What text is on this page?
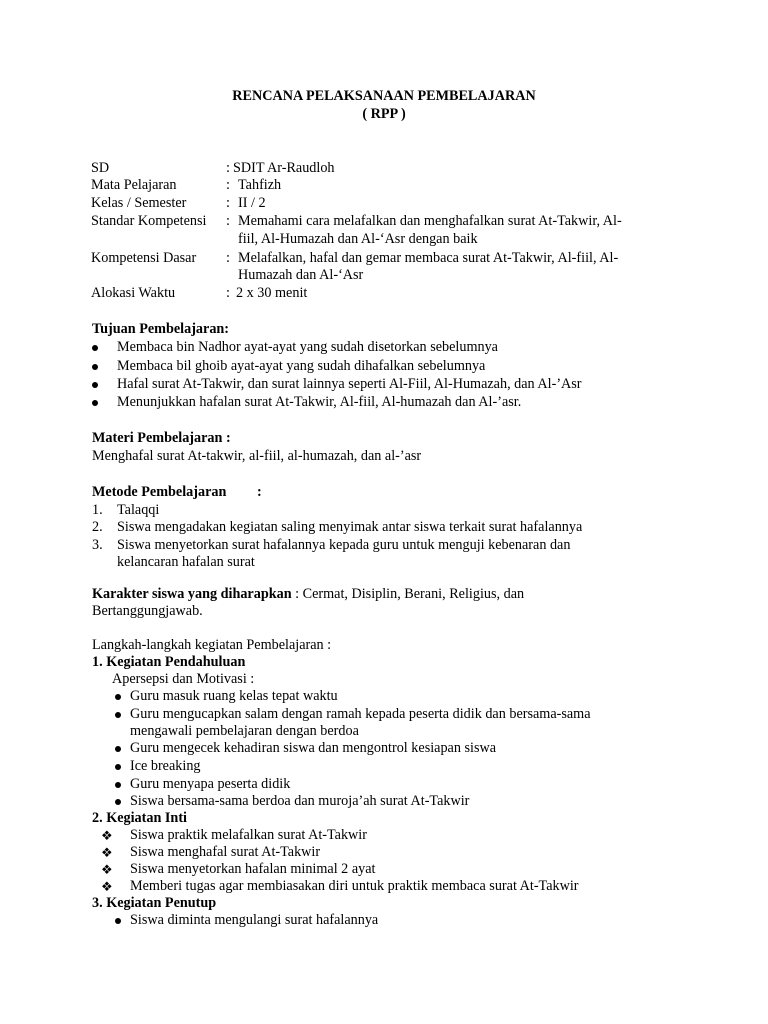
RENCANA PELAKSANAAN PEMBELAJARAN
( RPP )
SD	: SDIT Ar-Raudloh
Mata Pelajaran	: Tahfizh
Kelas / Semester	: II / 2
Standar Kompetensi : Memahami cara melafalkan dan menghafalkan surat At-Takwir, Al-
fiil, Al-Humazah dan Al-‘Asr dengan baik
Kompetensi Dasar : Melafalkan, hafal dan gemar membaca surat At-Takwir, Al-fiil, Al-
Humazah dan Al-‘Asr
Alokasi Waktu	: 2 x 30 menit
Tujuan Pembelajaran:
Membaca bin Nadhor ayat-ayat yang sudah disetorkan sebelumnya
Membaca bil ghoib ayat-ayat yang sudah dihafalkan sebelumnya
Hafal surat At-Takwir, dan surat lainnya seperti Al-Fiil, Al-Humazah, dan Al-’Asr
Menunjukkan hafalan surat At-Takwir, Al-fiil, Al-humazah dan Al-’asr.
Materi Pembelajaran :
Menghafal surat At-takwir, al-fiil, al-humazah, dan al-’asr
Metode Pembelajaran :
1. Talaqqi
2. Siswa mengadakan kegiatan saling menyimak antar siswa terkait surat hafalannya
3. Siswa menyetorkan surat hafalannya kepada guru untuk menguji kebenaran dan
kelancaran hafalan surat
Karakter siswa yang diharapkan : Cermat, Disiplin, Berani, Religius, dan
Bertanggungjawab.
Langkah-langkah kegiatan Pembelajaran :
1. Kegiatan Pendahuluan
Apersepsi dan Motivasi :
Guru masuk ruang kelas tepat waktu
Guru mengucapkan salam dengan ramah kepada peserta didik dan bersama-sama
mengawali pembelajaran dengan berdoa
Guru mengecek kehadiran siswa dan mengontrol kesiapan siswa
Ice breaking
Guru menyapa peserta didik
Siswa bersama-sama berdoa dan muroja’ah surat At-Takwir
2. Kegiatan Inti
❖ Siswa praktik melafalkan surat At-Takwir
❖ Siswa menghafal surat At-Takwir
❖ Siswa menyetorkan hafalan minimal 2 ayat
❖ Memberi tugas agar membiasakan diri untuk praktik membaca surat At-Takwir
3. Kegiatan Penutup
Siswa diminta mengulangi surat hafalannya
